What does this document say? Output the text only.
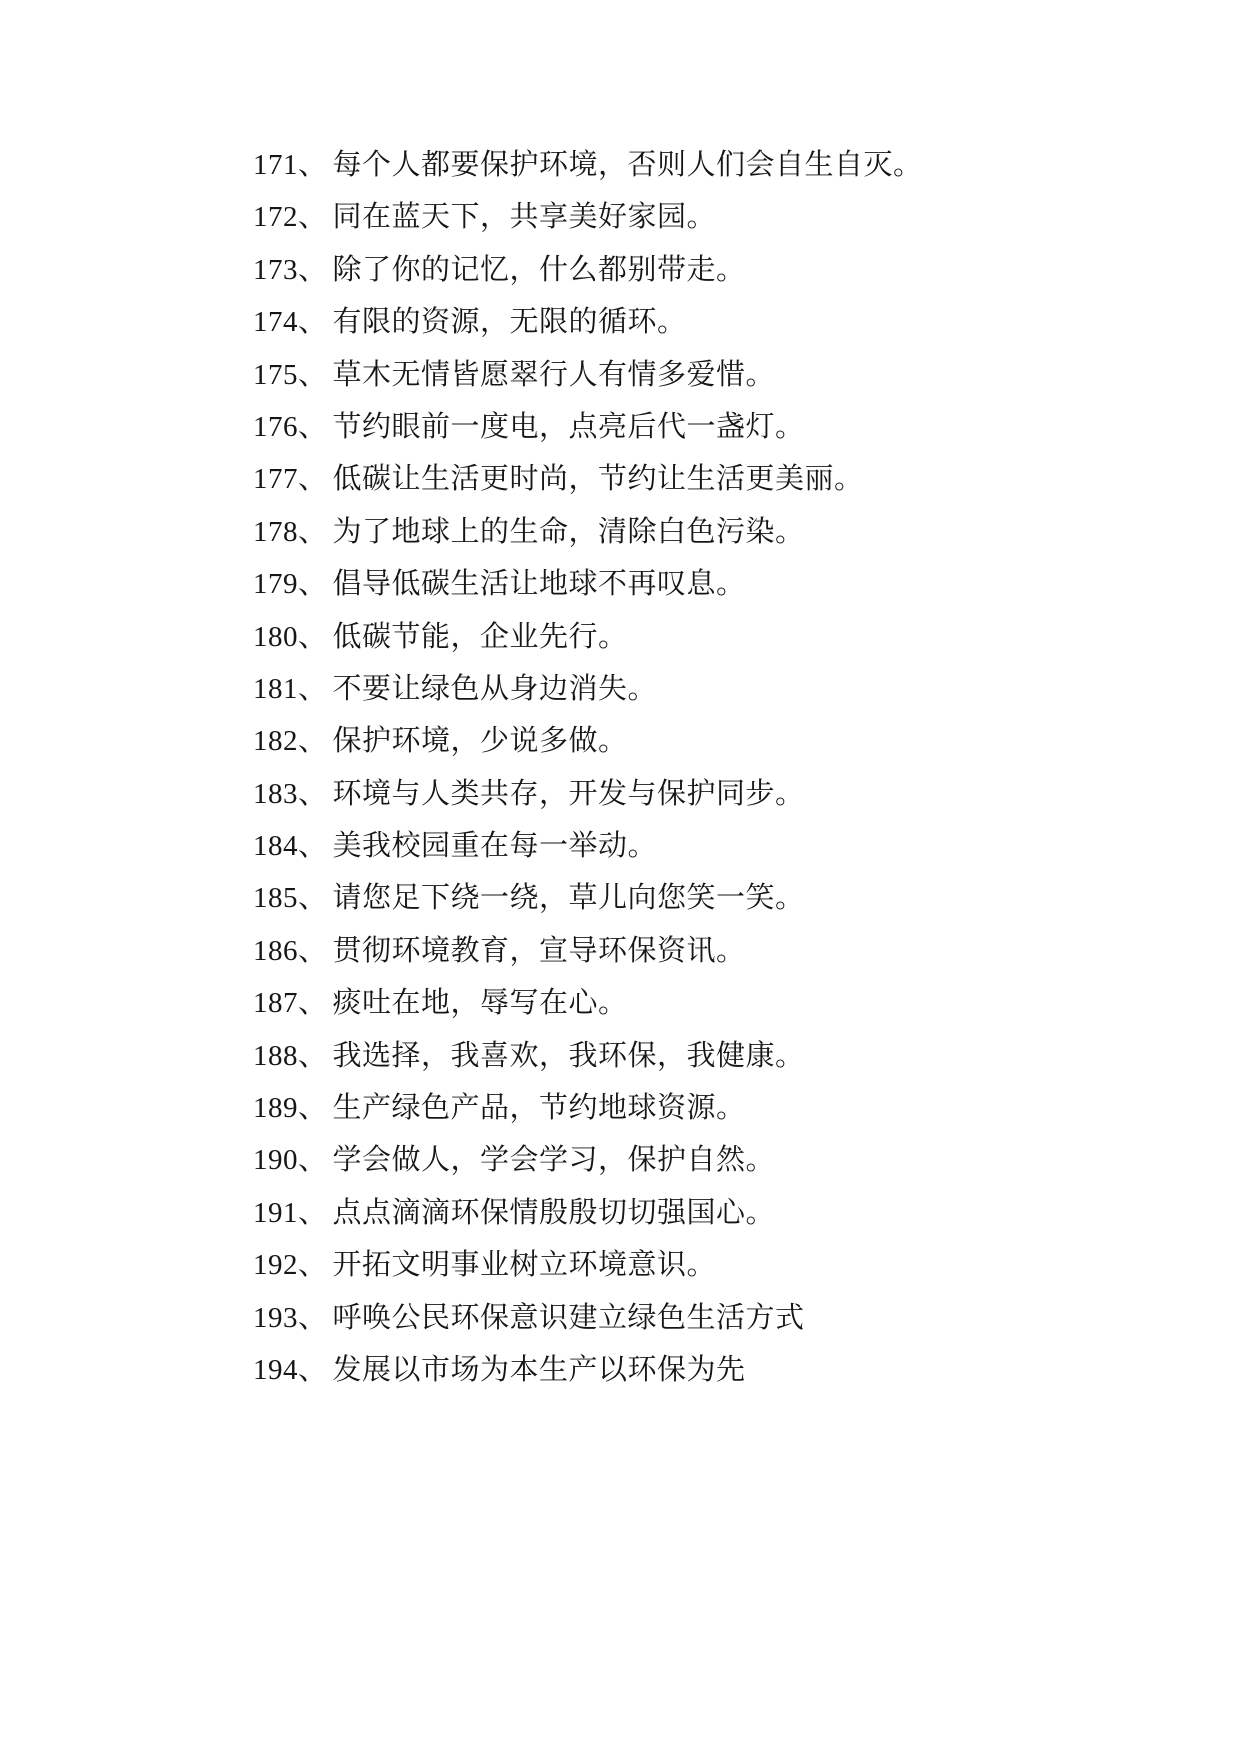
171、 每个人都要保护环境，否则人们会自生自灭。
172、 同在蓝天下，共享美好家园。
173、 除了你的记忆，什么都别带走。
174、 有限的资源，无限的循环。
175、 草木无情皆愿翠行人有情多爱惜。
176、 节约眼前一度电，点亮后代一盏灯。
177、 低碳让生活更时尚，节约让生活更美丽。
178、 为了地球上的生命，清除白色污染。
179、 倡导低碳生活让地球不再叹息。
180、 低碳节能，企业先行。
181、 不要让绿色从身边消失。
182、 保护环境，少说多做。
183、 环境与人类共存，开发与保护同步。
184、 美我校园重在每一举动。
185、 请您足下绕一绕，草儿向您笑一笑。
186、 贯彻环境教育，宣导环保资讯。
187、 痰吐在地，辱写在心。
188、 我选择，我喜欢，我环保，我健康。
189、 生产绿色产品，节约地球资源。
190、 学会做人，学会学习，保护自然。
191、 点点滴滴环保情殷殷切切强国心。
192、 开拓文明事业树立环境意识。
193、 呼唤公民环保意识建立绿色生活方式
194、 发展以市场为本生产以环保为先
